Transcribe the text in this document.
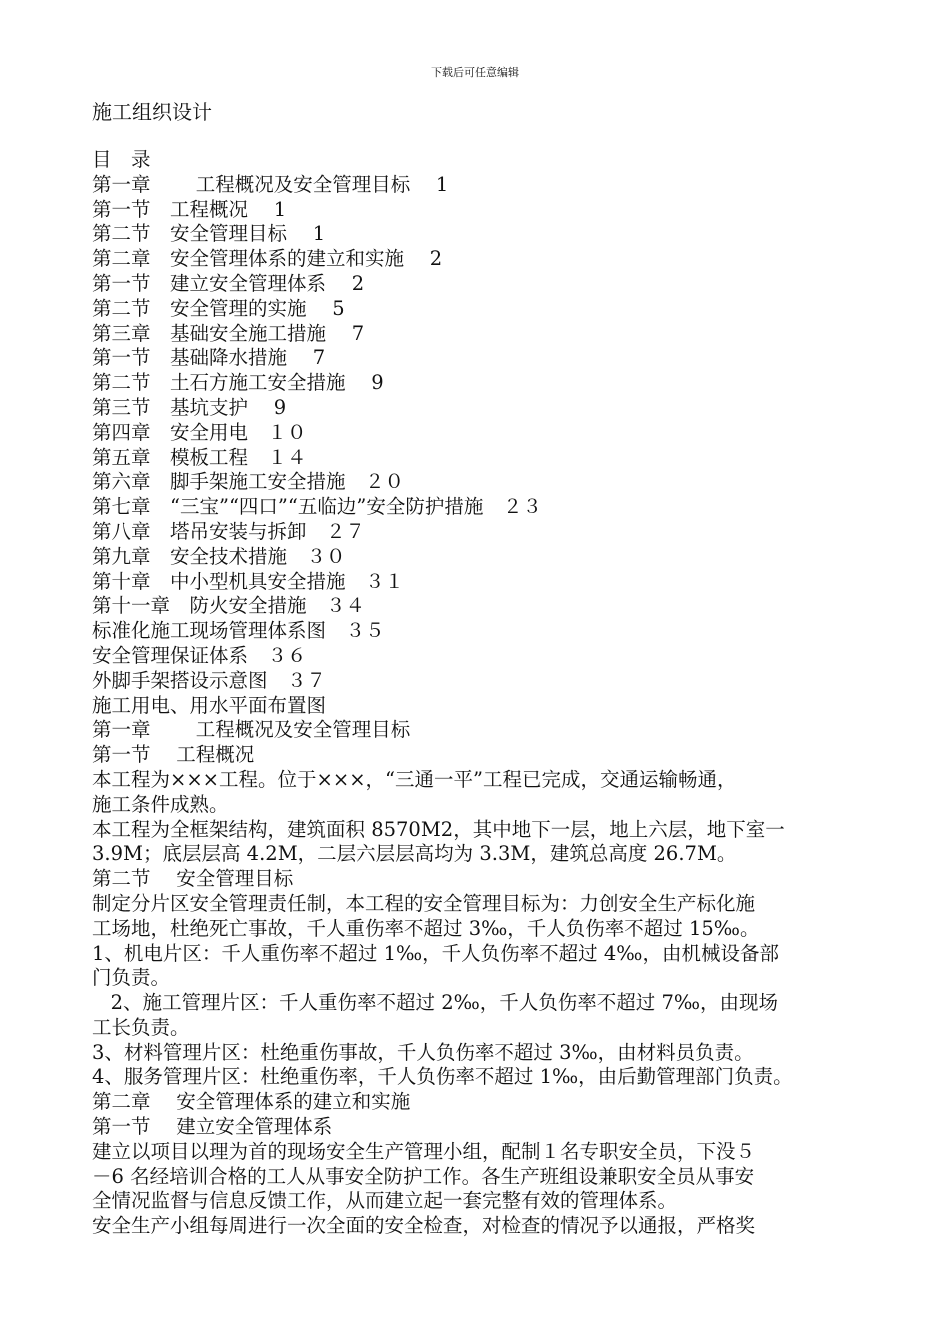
下载后可任意编辑
施工组织设计
目　录
第一章　　 工程概况及安全管理目标　 1
第一节　工程概况　 1
第二节　安全管理目标　 1
第二章　安全管理体系的建立和实施　 2
第一节　建立安全管理体系　 2
第二节　安全管理的实施　 5
第三章　基础安全施工措施　 7
第一节　基础降水措施　 7
第二节　土石方施工安全措施　 9
第三节　基坑支护　 9
第四章　安全用电　１０
第五章　模板工程　１４
第六章　脚手架施工安全措施　２０
第七章　“三宝”“四口”“五临边”安全防护措施　２３
第八章　塔吊安装与拆卸　２７
第九章　安全技术措施　３０
第十章　中小型机具安全措施　３１
第十一章　防火安全措施　３４
标准化施工现场管理体系图　３５
安全管理保证体系　３６
外脚手架搭设示意图　３７
施工用电、用水平面布置图
第一章　　 工程概况及安全管理目标
第一节　 工程概况
本工程为×××工程。位于×××，“三通一平”工程已完成，交通运输畅通，
施工条件成熟。
本工程为全框架结构，建筑面积 8570M2，其中地下一层，地上六层，地下室一
3.9M；底层层高 4.2M，二层六层层高均为 3.3M，建筑总高度 26.7M。
第二节　 安全管理目标
制定分片区安全管理责任制，本工程的安全管理目标为：力创安全生产标化施
工场地，杜绝死亡事故，千人重伤率不超过 3‰，千人负伤率不超过 15‰。
1、机电片区：千人重伤率不超过 1‰，千人负伤率不超过 4‰，由机械设备部
门负责。
2、施工管理片区：千人重伤率不超过 2‰，千人负伤率不超过 7‰，由现场
工长负责。
3、材料管理片区：杜绝重伤事故，千人负伤率不超过 3‰，由材料员负责。
4、服务管理片区：杜绝重伤率，千人负伤率不超过 1‰，由后勤管理部门负责。
第二章　 安全管理体系的建立和实施
第一节　 建立安全管理体系
建立以项目以理为首的现场安全生产管理小组，配制１名专职安全员，下没５
－6 名经培训合格的工人从事安全防护工作。各生产班组设兼职安全员从事安
全情况监督与信息反馈工作，从而建立起一套完整有效的管理体系。
安全生产小组每周进行一次全面的安全检查，对检查的情况予以通报，严格奖
